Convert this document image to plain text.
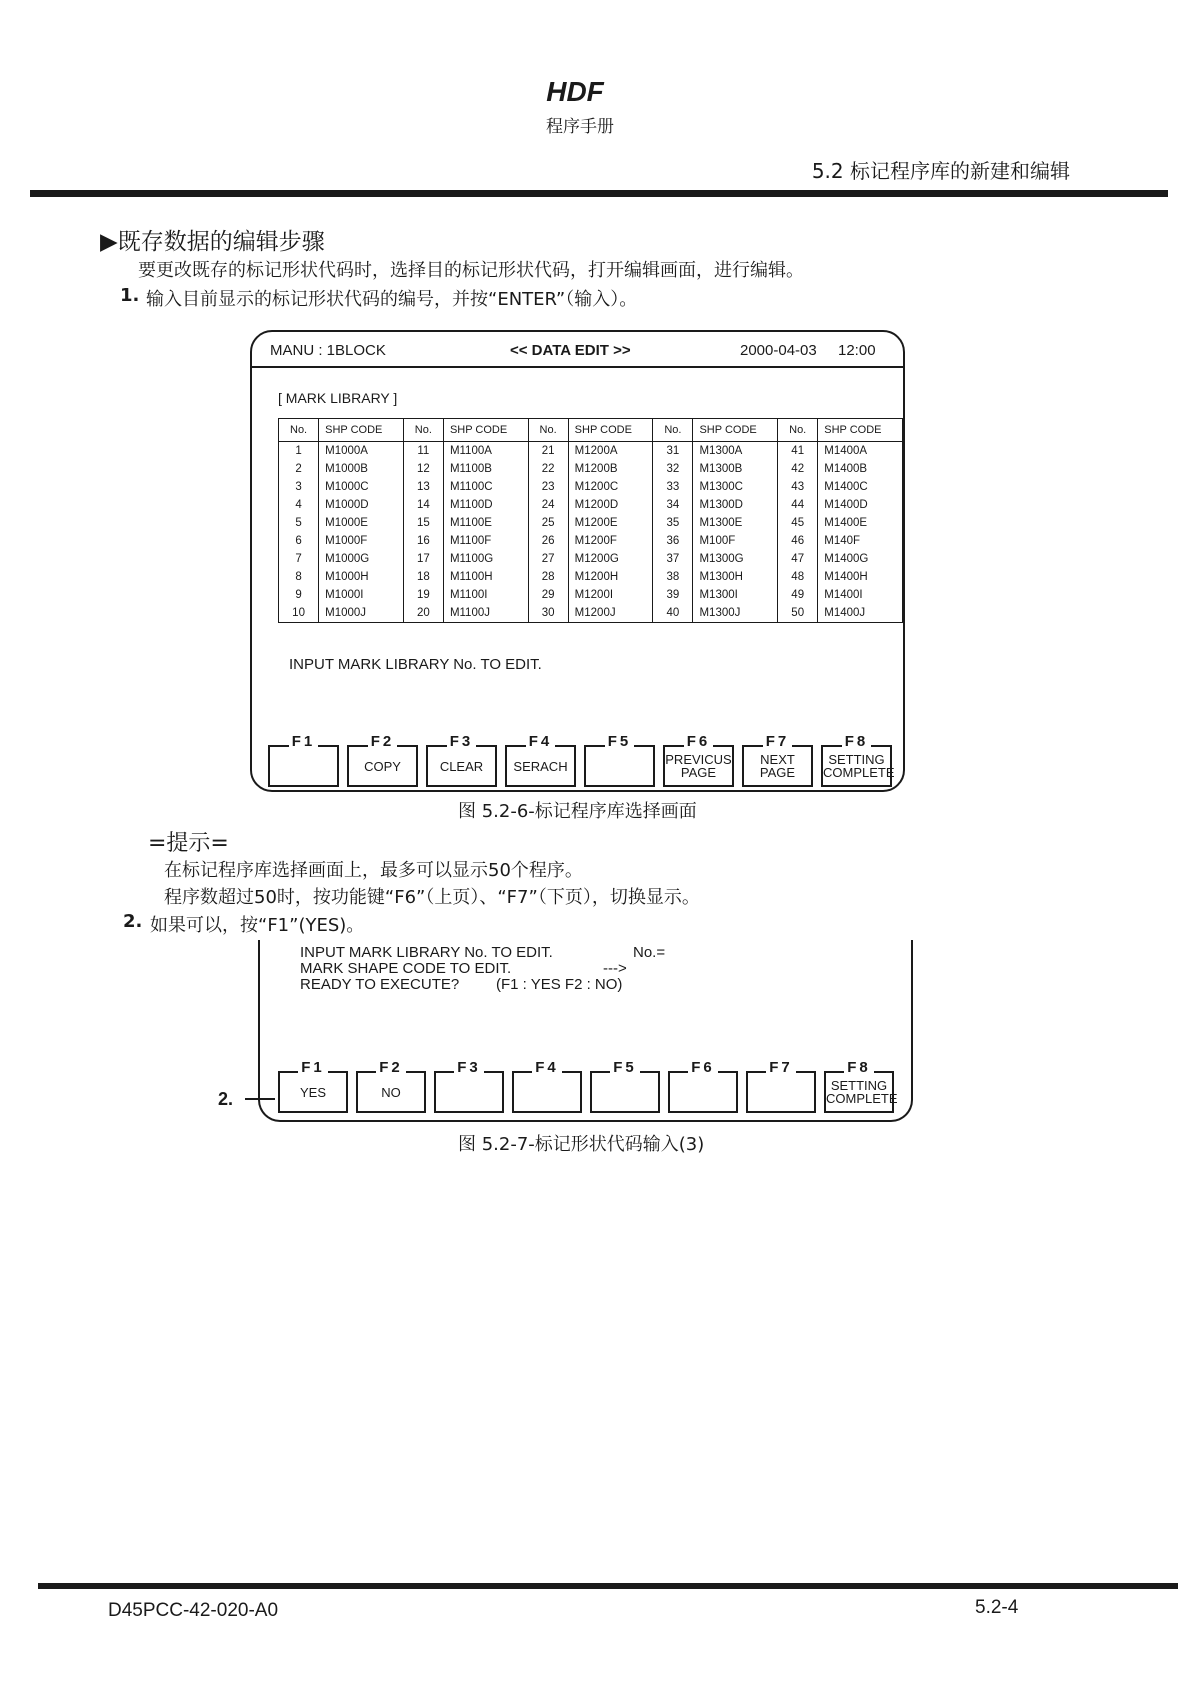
HDF
程序手册
5.2 标记程序库的新建和编辑
▶既存数据的编辑步骤
要更改既存的标记形状代码时，选择目的标记形状代码，打开编辑画面，进行编辑。
1. 输入目前显示的标记形状代码的编号，并按“ENTER”（输入）。
MANU : 1BLOCK	<< DATA EDIT >>	2000-04-03 12:00
[ MARK LIBRARY ]
No.	SHP CODE	No.	SHP CODE	No.	SHP CODE	No.	SHP CODE	No.	SHP CODE
1	M1000A	11	M1100A	21	M1200A	31	M1300A	41	M1400A
2	M1000B	12	M1100B	22	M1200B	32	M1300B	42	M1400B
3	M1000C	13	M1100C	23	M1200C	33	M1300C	43	M1400C
4	M1000D	14	M1100D	24	M1200D	34	M1300D	44	M1400D
5	M1000E	15	M1100E	25	M1200E	35	M1300E	45	M1400E
6	M1000F	16	M1100F	26	M1200F	36	M100F	46	M140F
7	M1000G	17	M1100G	27	M1200G	37	M1300G	47	M1400G
8	M1000H	18	M1100H	28	M1200H	38	M1300H	48	M1400H
9	M1000I	19	M1100I	29	M1200I	39	M1300I	49	M1400I
10	M1000J	20	M1100J	30	M1200J	40	M1300J	50	M1400J
INPUT MARK LIBRARY No. TO EDIT.
F1	F2
COPY
F3
CLEAR
F4
SERACH
F5	F6
PREVICUS
PAGE
F7
NEXT
PAGE
F8
SETTING
COMPLETE
图 5.2-6-标记程序库选择画面
=提示=
在标记程序库选择画面上，最多可以显示50个程序。
程序数超过50时，按功能键“F6”（上页）、“F7”（下页），切换显示。
2. 如果可以，按“F1”(YES)。
INPUT MARK LIBRARY No. TO EDIT.	No.=
MARK SHAPE CODE TO EDIT.	--->
READY TO EXECUTE? (F1 : YES F2 : NO)
F1
YES
F2
NO
F3	F4	F5	F6	F7	F8
SETTING
COMPLETE
2.
图 5.2-7-标记形状代码输入(3)
D45PCC-42-020-A0	5.2-4
